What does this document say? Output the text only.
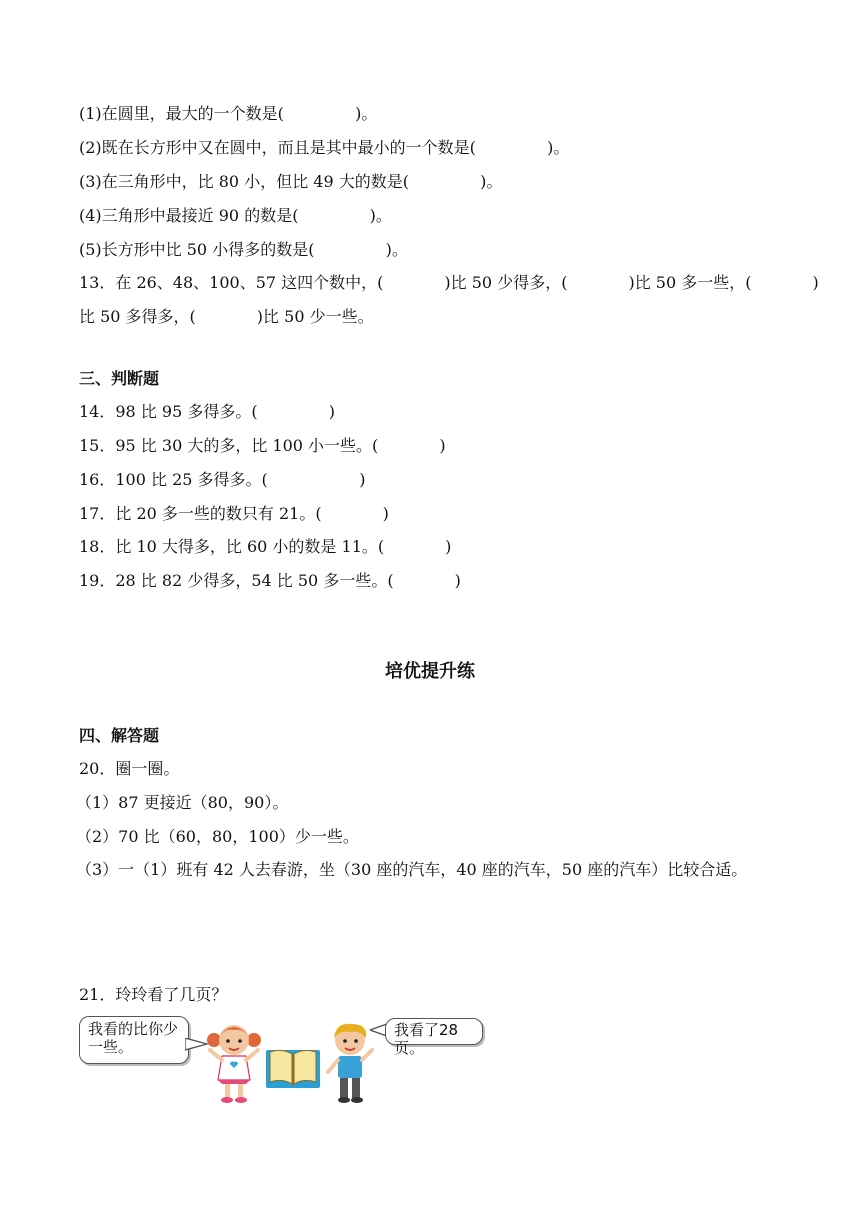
(1)在圆里，最大的一个数是(              )。
(2)既在长方形中又在圆中，而且是其中最小的一个数是(              )。
(3)在三角形中，比 80 小，但比 49 大的数是(              )。
(4)三角形中最接近 90 的数是(              )。
(5)长方形中比 50 小得多的数是(              )。
13．在 26、48、100、57 这四个数中，(            )比 50 少得多，(            )比 50 多一些，(            )
比 50 多得多，(            )比 50 少一些。
三、判断题
14．98 比 95 多得多。(              )
15．95 比 30 大的多，比 100 小一些。(            )
16．100 比 25 多得多。(                  )
17．比 20 多一些的数只有 21。(            )
18．比 10 大得多，比 60 小的数是 11。(            )
19．28 比 82 少得多，54 比 50 多一些。(            )
培优提升练
四、解答题
20．圈一圈。
（1）87 更接近（80，90）。
（2）70 比（60，80，100）少一些。
（3）一（1）班有 42 人去春游，坐（30 座的汽车，40 座的汽车，50 座的汽车）比较合适。
21．玲玲看了几页？
我看的比你少一些。
我看了28页。
